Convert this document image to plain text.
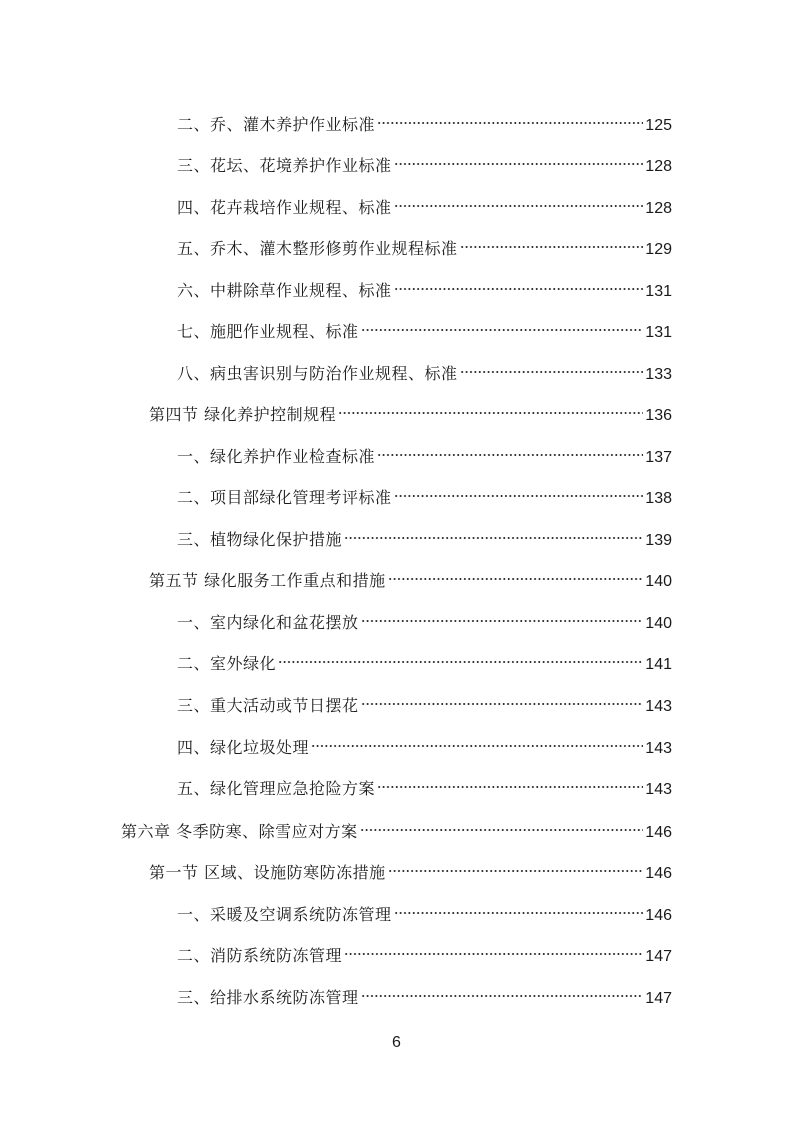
二、乔、灌木养护作业标准	125
三、花坛、花境养护作业标准	128
四、花卉栽培作业规程、标准	128
五、乔木、灌木整形修剪作业规程标准	129
六、中耕除草作业规程、标准	131
七、施肥作业规程、标准	131
八、病虫害识别与防治作业规程、标准	133
第四节 绿化养护控制规程	136
一、绿化养护作业检查标准	137
二、项目部绿化管理考评标准	138
三、植物绿化保护措施	139
第五节 绿化服务工作重点和措施	140
一、室内绿化和盆花摆放	140
二、室外绿化	141
三、重大活动或节日摆花	143
四、绿化垃圾处理	143
五、绿化管理应急抢险方案	143
第六章 冬季防寒、除雪应对方案	146
第一节 区域、设施防寒防冻措施	146
一、采暖及空调系统防冻管理	146
二、消防系统防冻管理	147
三、给排水系统防冻管理	147
6
